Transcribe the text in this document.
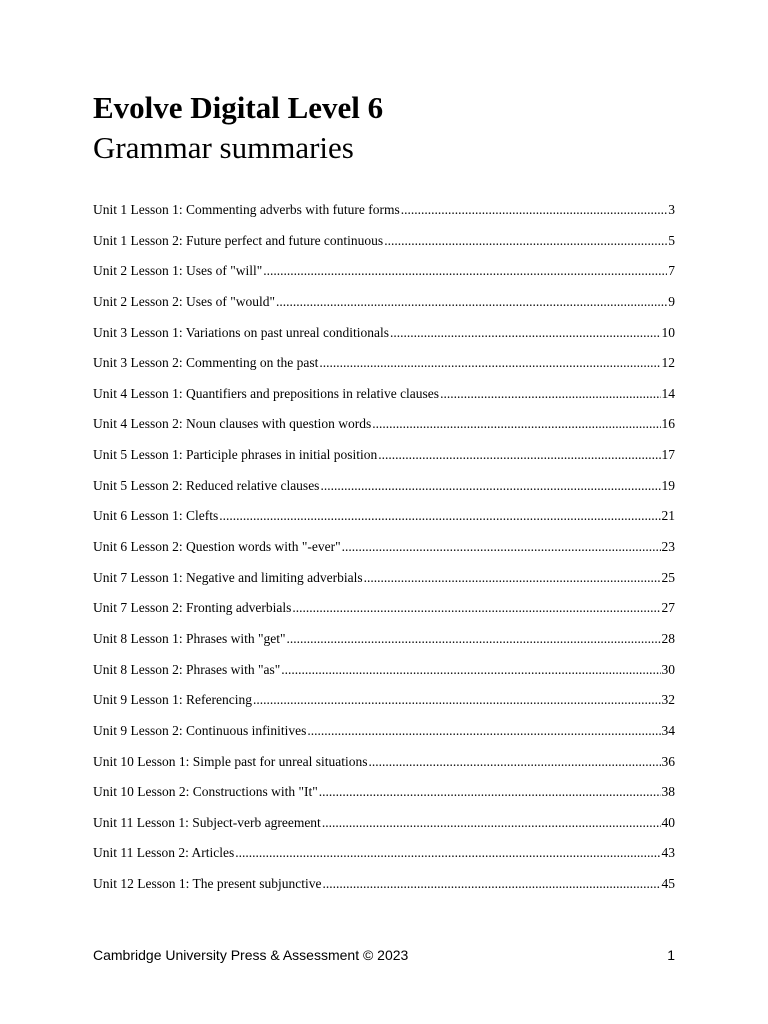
Evolve Digital Level 6
Grammar summaries
Unit 1 Lesson 1: Commenting adverbs with future forms .....	3
Unit 1 Lesson 2: Future perfect and future continuous .....	5
Unit 2 Lesson 1: Uses of "will" .....	7
Unit 2 Lesson 2: Uses of "would" .....	9
Unit 3 Lesson 1: Variations on past unreal conditionals .....	10
Unit 3 Lesson 2: Commenting on the past .....	12
Unit 4 Lesson 1: Quantifiers and prepositions in relative clauses .....	14
Unit 4 Lesson 2: Noun clauses with question words .....	16
Unit 5 Lesson 1: Participle phrases in initial position .....	17
Unit 5 Lesson 2: Reduced relative clauses .....	19
Unit 6 Lesson 1: Clefts .....	21
Unit 6 Lesson 2: Question words with "-ever" .....	23
Unit 7 Lesson 1: Negative and limiting adverbials .....	25
Unit 7 Lesson 2: Fronting adverbials .....	27
Unit 8 Lesson 1: Phrases with "get" .....	28
Unit 8 Lesson 2: Phrases with "as" .....	30
Unit 9 Lesson 1: Referencing .....	32
Unit 9 Lesson 2: Continuous infinitives .....	34
Unit 10 Lesson 1: Simple past for unreal situations .....	36
Unit 10 Lesson 2: Constructions with "It" .....	38
Unit 11 Lesson 1: Subject-verb agreement .....	40
Unit 11 Lesson 2: Articles .....	43
Unit 12 Lesson 1: The present subjunctive .....	45
Cambridge University Press & Assessment © 2023	1
